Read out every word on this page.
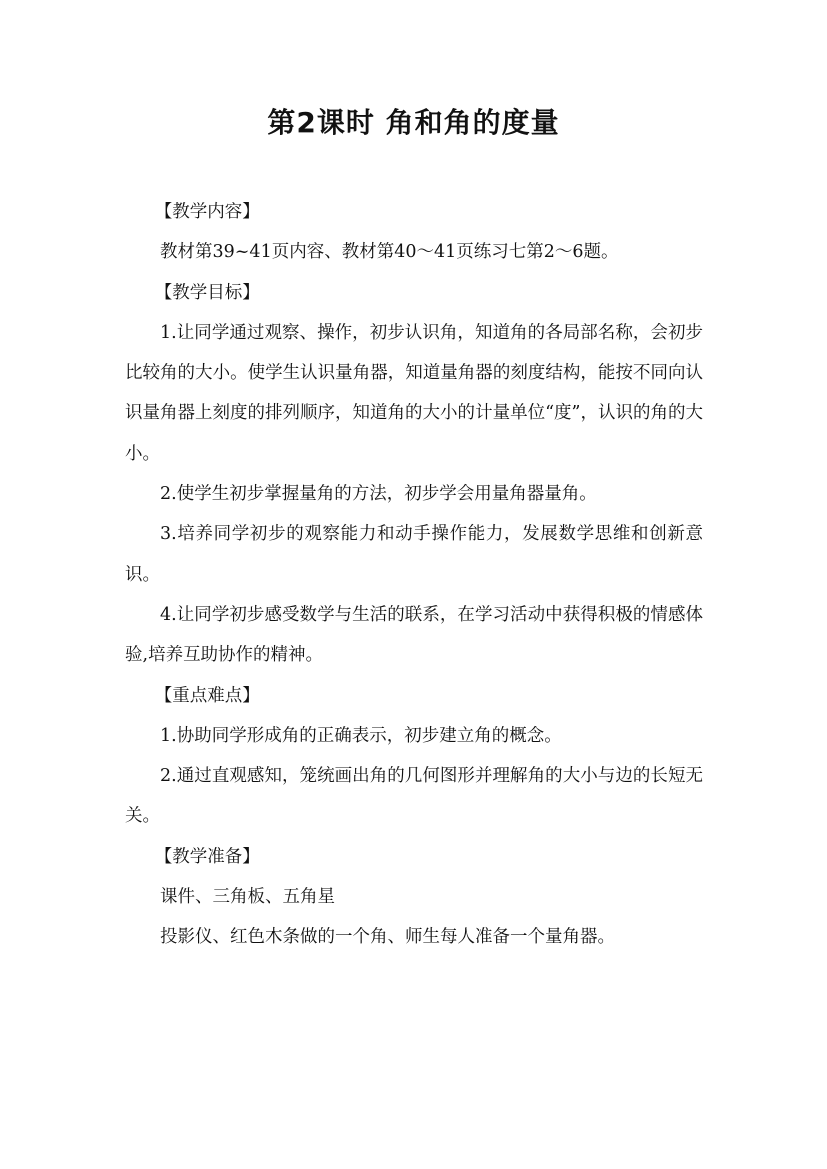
第2课时 角和角的度量

【教学内容】

教材第39~41页内容、教材第40～41页练习七第2～6题。

【教学目标】

1.让同学通过观察、操作，初步认识角，知道角的各局部名称，会初步比较角的大小。使学生认识量角器，知道量角器的刻度结构，能按不同向认识量角器上刻度的排列顺序，知道角的大小的计量单位“度”，认识的角的大小。

2.使学生初步掌握量角的方法，初步学会用量角器量角。

3.培养同学初步的观察能力和动手操作能力，发展数学思维和创新意识。

4.让同学初步感受数学与生活的联系，在学习活动中获得积极的情感体验,培养互助协作的精神。

【重点难点】

1.协助同学形成角的正确表示，初步建立角的概念。

2.通过直观感知，笼统画出角的几何图形并理解角的大小与边的长短无关。

【教学准备】

课件、三角板、五角星

投影仪、红色木条做的一个角、师生每人准备一个量角器。
